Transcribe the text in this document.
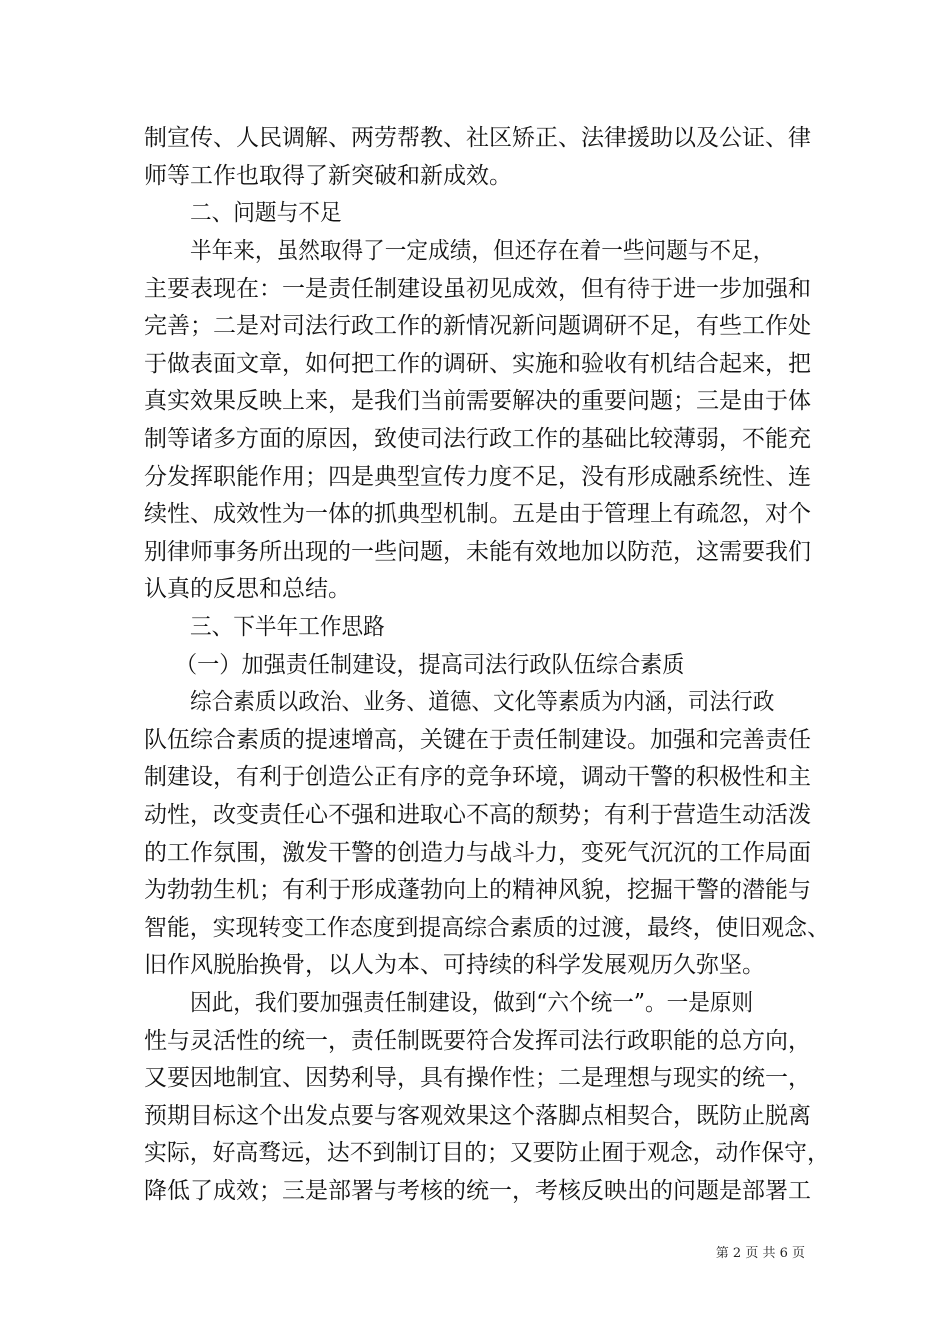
制宣传、人民调解、两劳帮教、社区矫正、法律援助以及公证、律
师等工作也取得了新突破和新成效。
二、问题与不足
半年来，虽然取得了一定成绩，但还存在着一些问题与不足，
主要表现在：一是责任制建设虽初见成效，但有待于进一步加强和
完善；二是对司法行政工作的新情况新问题调研不足，有些工作处
于做表面文章，如何把工作的调研、实施和验收有机结合起来，把
真实效果反映上来，是我们当前需要解决的重要问题；三是由于体
制等诸多方面的原因，致使司法行政工作的基础比较薄弱，不能充
分发挥职能作用；四是典型宣传力度不足，没有形成融系统性、连
续性、成效性为一体的抓典型机制。五是由于管理上有疏忽，对个
别律师事务所出现的一些问题，未能有效地加以防范，这需要我们
认真的反思和总结。
三、下半年工作思路
（一）加强责任制建设，提高司法行政队伍综合素质
综合素质以政治、业务、道德、文化等素质为内涵，司法行政
队伍综合素质的提速增高，关键在于责任制建设。加强和完善责任
制建设，有利于创造公正有序的竞争环境，调动干警的积极性和主
动性，改变责任心不强和进取心不高的颓势；有利于营造生动活泼
的工作氛围，激发干警的创造力与战斗力，变死气沉沉的工作局面
为勃勃生机；有利于形成蓬勃向上的精神风貌，挖掘干警的潜能与
智能，实现转变工作态度到提高综合素质的过渡，最终，使旧观念、
旧作风脱胎换骨，以人为本、可持续的科学发展观历久弥坚。
因此，我们要加强责任制建设，做到“六个统一”。一是原则
性与灵活性的统一，责任制既要符合发挥司法行政职能的总方向，
又要因地制宜、因势利导，具有操作性；二是理想与现实的统一，
预期目标这个出发点要与客观效果这个落脚点相契合，既防止脱离
实际，好高骛远，达不到制订目的；又要防止囿于观念，动作保守，
降低了成效；三是部署与考核的统一，考核反映出的问题是部署工
第 2 页 共 6 页
